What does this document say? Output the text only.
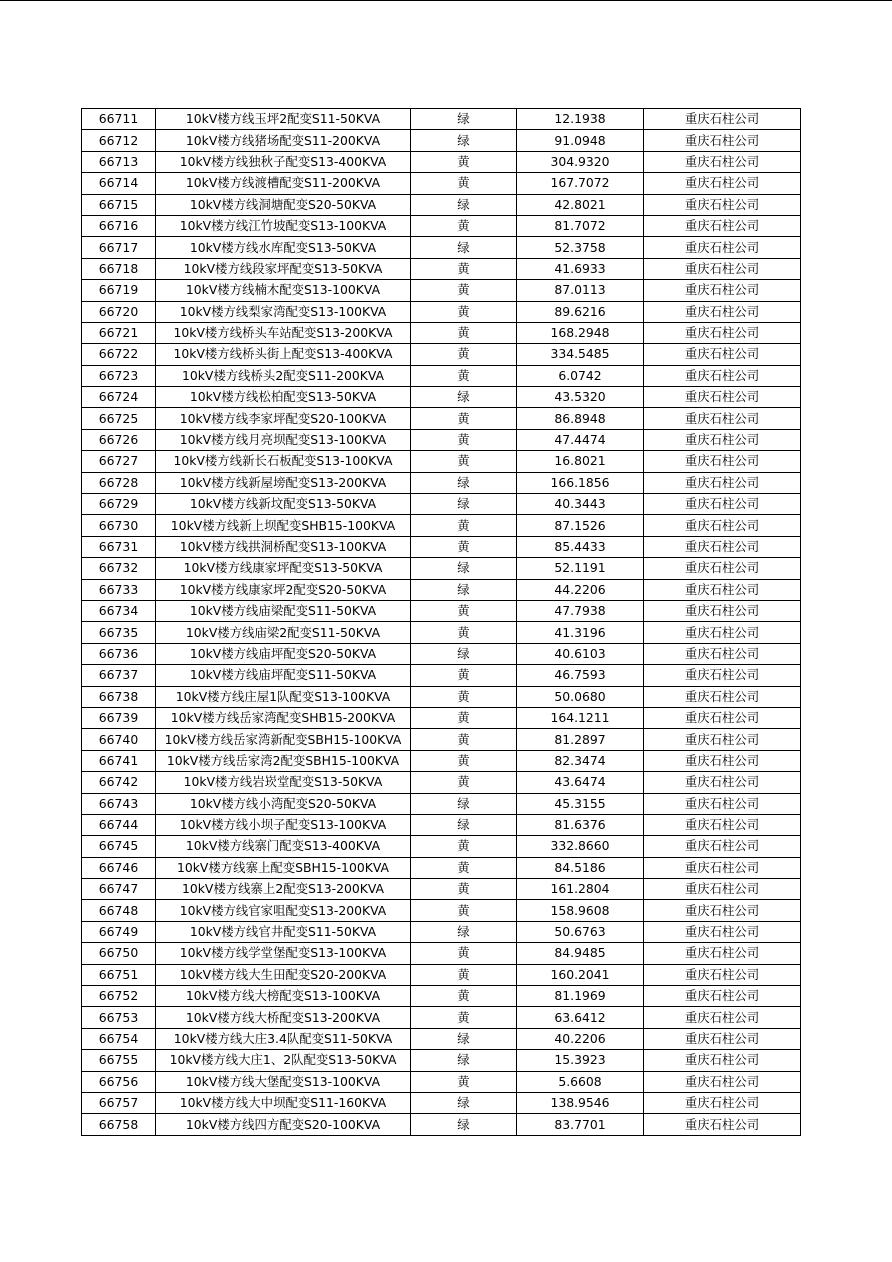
66711	10kV楼方线玉坪2配变S11-50KVA	绿	12.1938	重庆石柱公司
66712	10kV楼方线猪场配变S11-200KVA	绿	91.0948	重庆石柱公司
66713	10kV楼方线独秋子配变S13-400KVA	黄	304.9320	重庆石柱公司
66714	10kV楼方线渡槽配变S11-200KVA	黄	167.7072	重庆石柱公司
66715	10kV楼方线洞塘配变S20-50KVA	绿	42.8021	重庆石柱公司
66716	10kV楼方线江竹坡配变S13-100KVA	黄	81.7072	重庆石柱公司
66717	10kV楼方线水库配变S13-50KVA	绿	52.3758	重庆石柱公司
66718	10kV楼方线段家坪配变S13-50KVA	黄	41.6933	重庆石柱公司
66719	10kV楼方线楠木配变S13-100KVA	黄	87.0113	重庆石柱公司
66720	10kV楼方线梨家湾配变S13-100KVA	黄	89.6216	重庆石柱公司
66721	10kV楼方线桥头车站配变S13-200KVA	黄	168.2948	重庆石柱公司
66722	10kV楼方线桥头街上配变S13-400KVA	黄	334.5485	重庆石柱公司
66723	10kV楼方线桥头2配变S11-200KVA	黄	6.0742	重庆石柱公司
66724	10kV楼方线松柏配变S13-50KVA	绿	43.5320	重庆石柱公司
66725	10kV楼方线李家坪配变S20-100KVA	黄	86.8948	重庆石柱公司
66726	10kV楼方线月亮坝配变S13-100KVA	黄	47.4474	重庆石柱公司
66727	10kV楼方线新长石板配变S13-100KVA	黄	16.8021	重庆石柱公司
66728	10kV楼方线新屋塝配变S13-200KVA	绿	166.1856	重庆石柱公司
66729	10kV楼方线新坟配变S13-50KVA	绿	40.3443	重庆石柱公司
66730	10kV楼方线新上坝配变SHB15-100KVA	黄	87.1526	重庆石柱公司
66731	10kV楼方线拱洞桥配变S13-100KVA	黄	85.4433	重庆石柱公司
66732	10kV楼方线康家坪配变S13-50KVA	绿	52.1191	重庆石柱公司
66733	10kV楼方线康家坪2配变S20-50KVA	绿	44.2206	重庆石柱公司
66734	10kV楼方线庙梁配变S11-50KVA	黄	47.7938	重庆石柱公司
66735	10kV楼方线庙梁2配变S11-50KVA	黄	41.3196	重庆石柱公司
66736	10kV楼方线庙坪配变S20-50KVA	绿	40.6103	重庆石柱公司
66737	10kV楼方线庙坪配变S11-50KVA	黄	46.7593	重庆石柱公司
66738	10kV楼方线庄屋1队配变S13-100KVA	黄	50.0680	重庆石柱公司
66739	10kV楼方线岳家湾配变SHB15-200KVA	黄	164.1211	重庆石柱公司
66740	10kV楼方线岳家湾新配变SBH15-100KVA	黄	81.2897	重庆石柱公司
66741	10kV楼方线岳家湾2配变SBH15-100KVA	黄	82.3474	重庆石柱公司
66742	10kV楼方线岩崁堂配变S13-50KVA	黄	43.6474	重庆石柱公司
66743	10kV楼方线小湾配变S20-50KVA	绿	45.3155	重庆石柱公司
66744	10kV楼方线小坝子配变S13-100KVA	绿	81.6376	重庆石柱公司
66745	10kV楼方线寨门配变S13-400KVA	黄	332.8660	重庆石柱公司
66746	10kV楼方线寨上配变SBH15-100KVA	黄	84.5186	重庆石柱公司
66747	10kV楼方线寨上2配变S13-200KVA	黄	161.2804	重庆石柱公司
66748	10kV楼方线官家咀配变S13-200KVA	黄	158.9608	重庆石柱公司
66749	10kV楼方线官井配变S11-50KVA	绿	50.6763	重庆石柱公司
66750	10kV楼方线学堂堡配变S13-100KVA	黄	84.9485	重庆石柱公司
66751	10kV楼方线大生田配变S20-200KVA	黄	160.2041	重庆石柱公司
66752	10kV楼方线大榜配变S13-100KVA	黄	81.1969	重庆石柱公司
66753	10kV楼方线大桥配变S13-200KVA	黄	63.6412	重庆石柱公司
66754	10kV楼方线大庄3.4队配变S11-50KVA	绿	40.2206	重庆石柱公司
66755	10kV楼方线大庄1、2队配变S13-50KVA	绿	15.3923	重庆石柱公司
66756	10kV楼方线大堡配变S13-100KVA	黄	5.6608	重庆石柱公司
66757	10kV楼方线大中坝配变S11-160KVA	绿	138.9546	重庆石柱公司
66758	10kV楼方线四方配变S20-100KVA	绿	83.7701	重庆石柱公司
